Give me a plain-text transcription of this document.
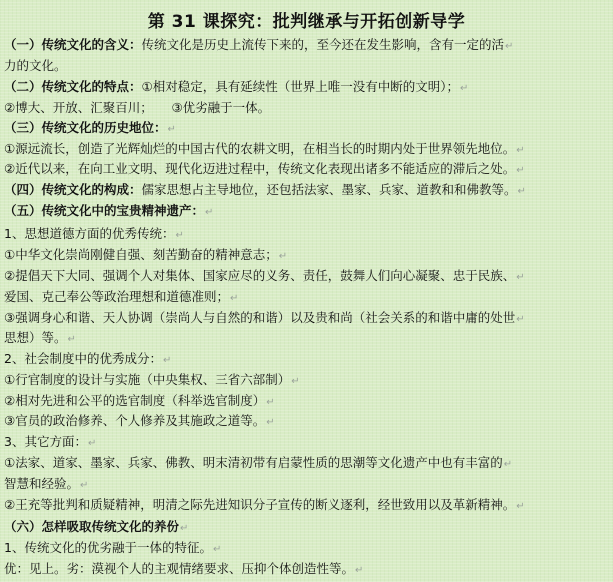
第 31 课探究：批判继承与开拓创新导学
（一）传统文化的含义：传统文化是历史上流传下来的，至今还在发生影响，含有一定的活↵
力的文化。
（二）传统文化的特点：①相对稳定，具有延续性（世界上唯一没有中断的文明）；↵
②博大、开放、汇聚百川；　　③优劣融于一体。
（三）传统文化的历史地位：↵
①源远流长，创造了光辉灿烂的中国古代的农耕文明，在相当长的时期内处于世界领先地位。↵
②近代以来，在向工业文明、现代化迈进过程中，传统文化表现出诸多不能适应的滞后之处。↵
（四）传统文化的构成：儒家思想占主导地位，还包括法家、墨家、兵家、道教和和佛教等。↵
（五）传统文化中的宝贵精神遗产：↵
1、思想道德方面的优秀传统：↵
①中华文化崇尚刚健自强、刻苦勤奋的精神意志；↵
②提倡天下大同、强调个人对集体、国家应尽的义务、责任，鼓舞人们向心凝聚、忠于民族、↵
爱国、克己奉公等政治理想和道德准则；↵
③强调身心和谐、天人协调（崇尚人与自然的和谐）以及贵和尚（社会关系的和谐中庸的处世↵
思想）等。↵
2、社会制度中的优秀成分：↵
①行官制度的设计与实施（中央集权、三省六部制）↵
②相对先进和公平的选官制度（科举选官制度）↵
③官员的政治修养、个人修养及其施政之道等。↵
3、其它方面：↵
①法家、道家、墨家、兵家、佛教、明末清初带有启蒙性质的思潮等文化遗产中也有丰富的↵
智慧和经验。↵
②王充等批判和质疑精神，明清之际先进知识分子宣传的断义逐利，经世致用以及革新精神。↵
（六）怎样吸取传统文化的养份↵
1、传统文化的优劣融于一体的特征。↵
优：见上。劣：漠视个人的主观情绪要求、压抑个体创造性等。↵
